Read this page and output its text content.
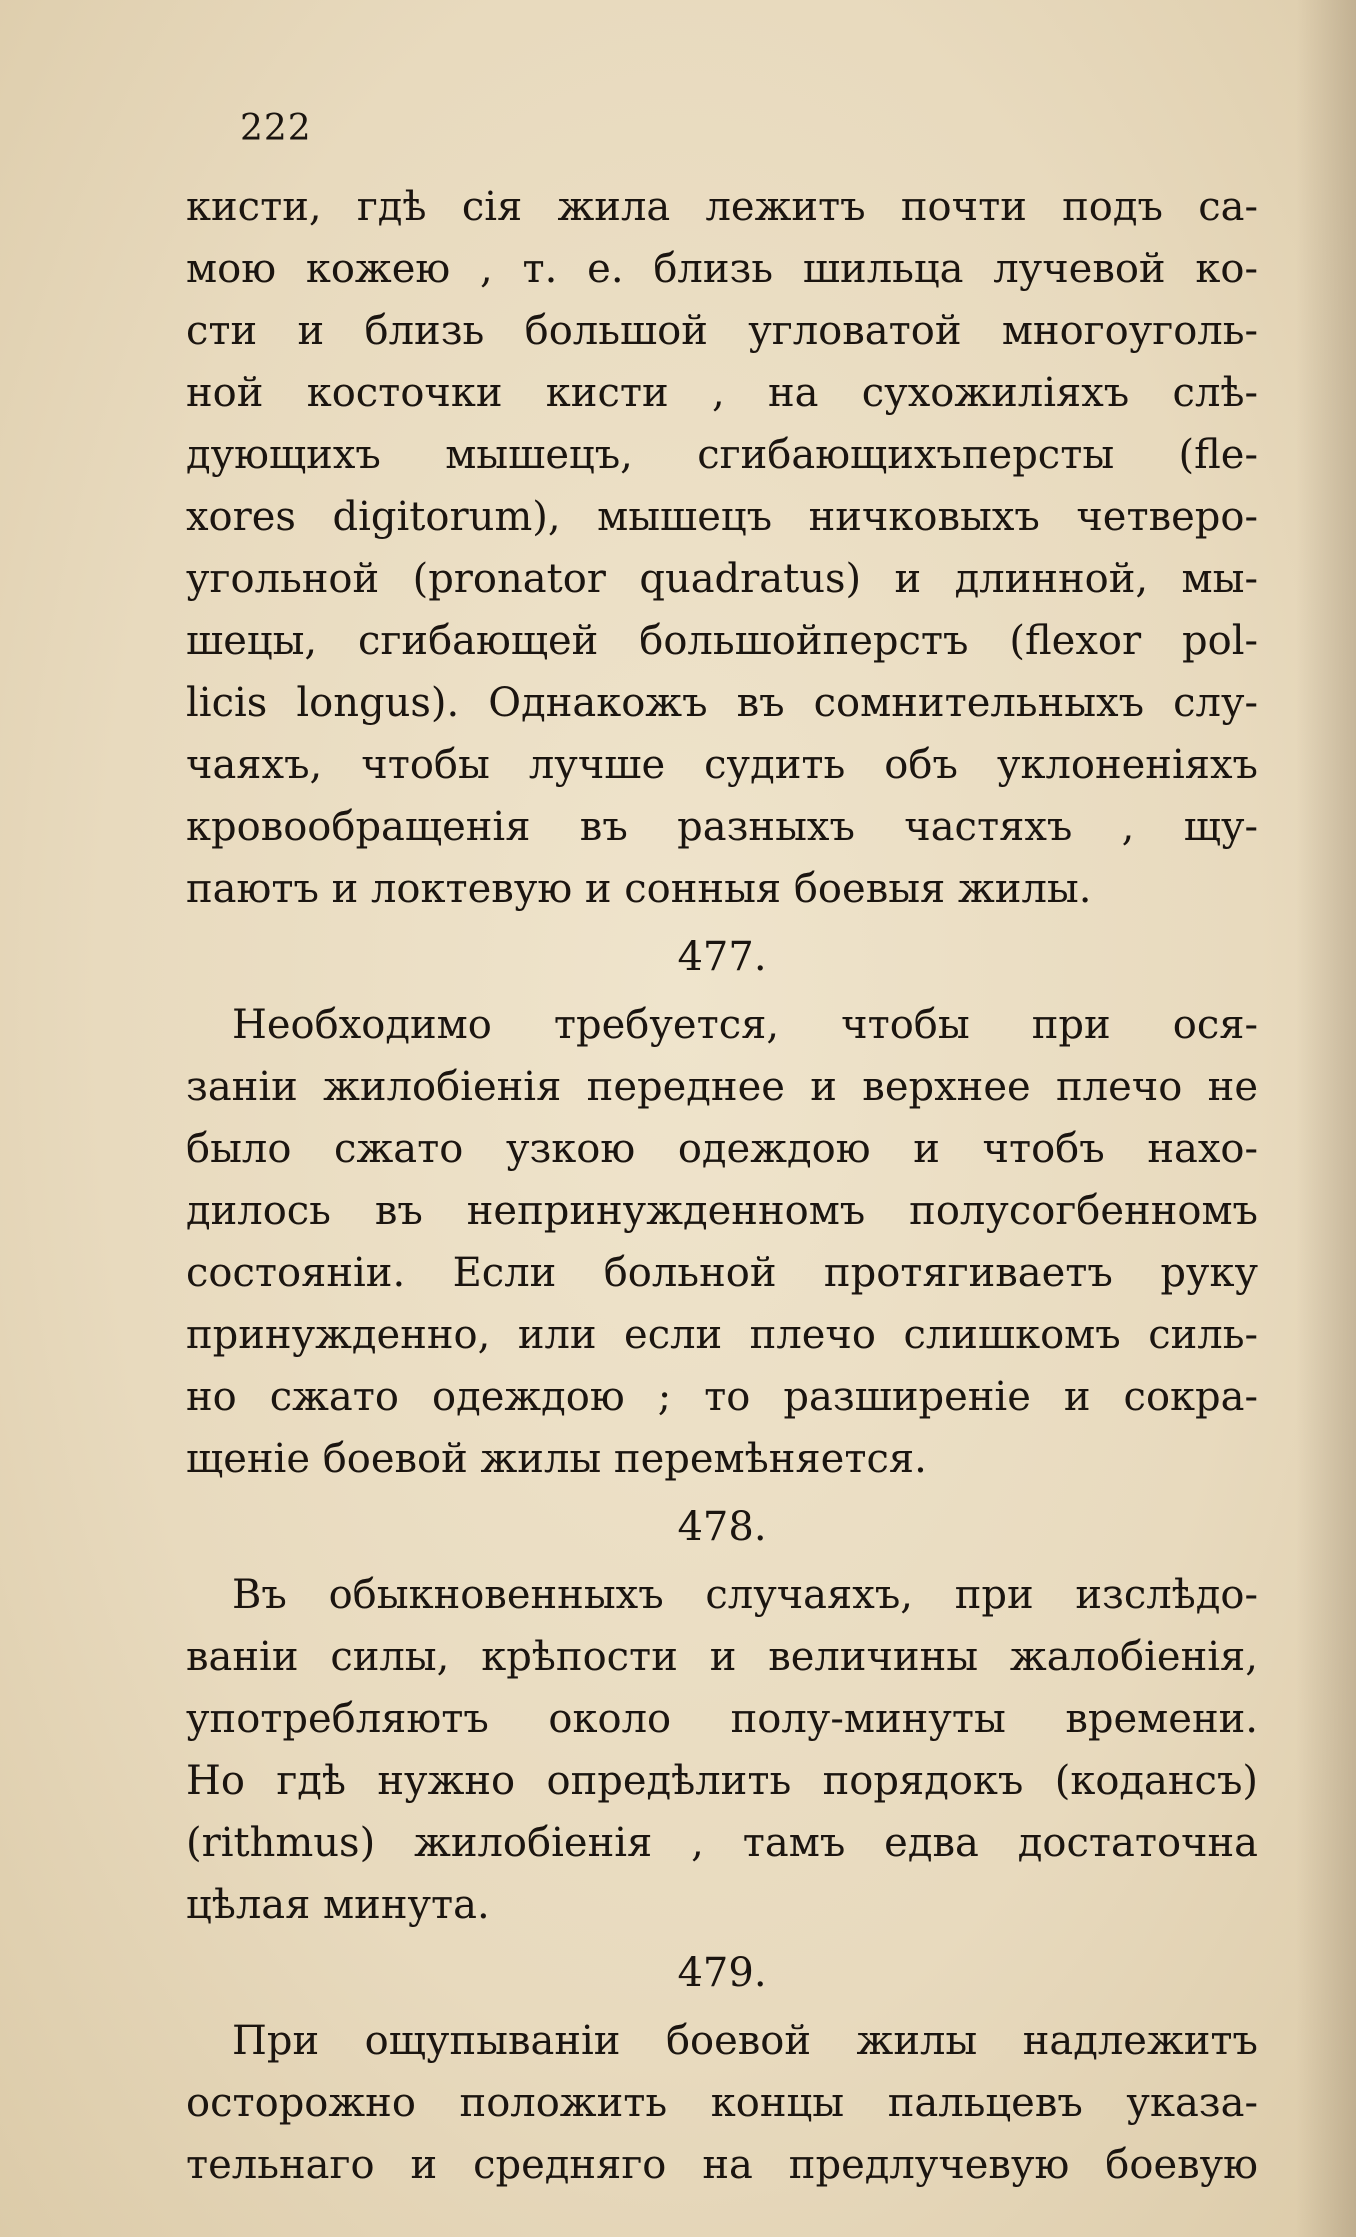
222
кисти, гдѣ сія жила лежитъ почти подъ са-
мою кожею , т. е. близь шильца лучевой ко-
сти и близь большой угловатой многоуголь-
ной косточки кисти , на сухожиліяхъ слѣ-
дующихъ мышецъ, сгибающихъперсты (fle-
xores digitorum), мышецъ ничковыхъ четверо-
угольной (pronator quadratus) и длинной, мы-
шецы, сгибающей большойперстъ (flexor pol-
licis longus). Однакожъ въ сомнительныхъ слу-
чаяхъ, чтобы лучше судить объ уклоненіяхъ
кровообращенія въ разныхъ частяхъ , щу-
паютъ и локтевую и сонныя боевыя жилы.
477.
Необходимо требуется, чтобы при ося-
заніи жилобіенія переднее и верхнее плечо не
было сжато узкою одеждою и чтобъ нахо-
дилось въ непринужденномъ полусогбенномъ
состояніи. Если больной протягиваетъ руку
принужденно, или если плечо слишкомъ силь-
но сжато одеждою ; то разширеніе и сокра-
щеніе боевой жилы перемѣняется.
478.
Въ обыкновенныхъ случаяхъ, при изслѣдо-
ваніи силы, крѣпости и величины жалобіенія,
употребляютъ около полу-минуты времени.
Но гдѣ нужно опредѣлить порядокъ (кодансъ)
(rithmus) жилобіенія , тамъ едва достаточна
цѣлая минута.
479.
При ощупываніи боевой жилы надлежитъ
осторожно положить концы пальцевъ указа-
тельнаго и средняго на предлучевую боевую
